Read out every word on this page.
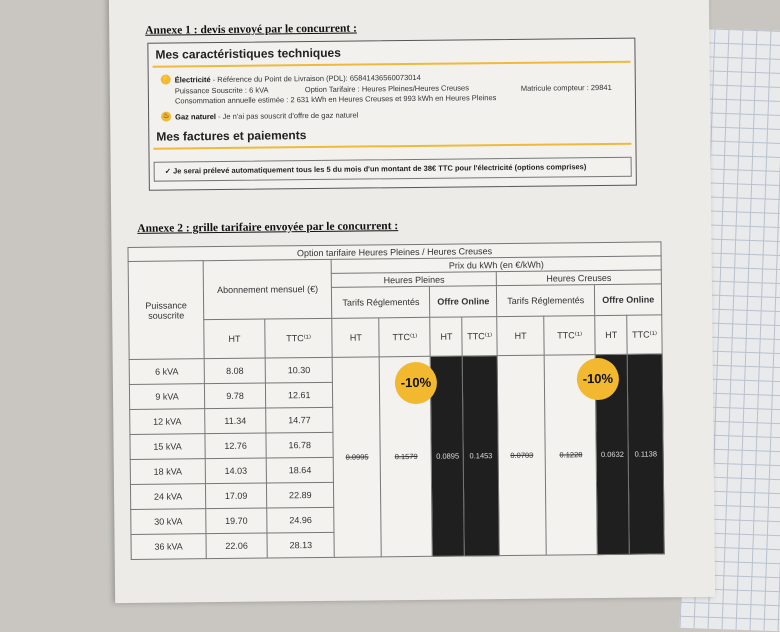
Annexe 1 : devis envoyé par le concurrent :
Mes caractéristiques techniques
⚡ Électricité - Référence du Point de Livraison (PDL): 65841436560073014
Puissance Souscrite : 6 kVA	Option Tarifaire : Heures Pleines/Heures Creuses	Matricule compteur : 29841
Consommation annuelle estimée : 2 631 kWh en Heures Creuses et 993 kWh en Heures Pleines
♨ Gaz naturel - Je n'ai pas souscrit d'offre de gaz naturel
Mes factures et paiements
✓ Je serai prélevé automatiquement tous les 5 du mois d'un montant de 38€ TTC pour l'électricité (options comprises)
Annexe 2 : grille tarifaire envoyée par le concurrent :
Option tarifaire Heures Pleines / Heures Creuses										
Puissance souscrite	Abonnement mensuel (€)		Prix du kWh (en €/kWh)							
			Heures Pleines				Heures Creuses			
			Tarifs Réglementés		Offre Online		Tarifs Réglementés		Offre Online	
	HT	TTC⁽¹⁾	HT	TTC⁽¹⁾	HT	TTC⁽¹⁾	HT	TTC⁽¹⁾	HT	TTC⁽¹⁾
6 kVA	8.08	10.30	0.0995	0.1579	0.0895	0.1453	0.0703	0.1228	0.0632	0.1138
9 kVA	9.78	12.61								
12 kVA	11.34	14.77								
15 kVA	12.76	16.78								
18 kVA	14.03	18.64								
24 kVA	17.09	22.89								
30 kVA	19.70	24.96								
36 kVA	22.06	28.13								
-10%	-10%
